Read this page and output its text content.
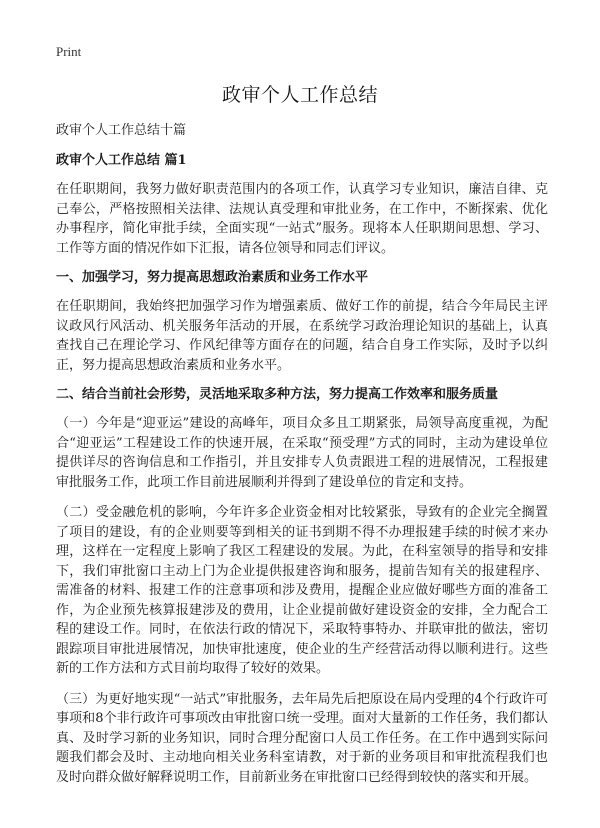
Print
政审个人工作总结

政审个人工作总结十篇

政审个人工作总结 篇1

在任职期间，我努力做好职责范围内的各项工作，认真学习专业知识，廉洁自律、克己奉公，严格按照相关法律、法规认真受理和审批业务，在工作中，不断探索、优化办事程序，简化审批手续，全面实现“一站式”服务。现将本人任职期间思想、学习、工作等方面的情况作如下汇报，请各位领导和同志们评议。

一、加强学习，努力提高思想政治素质和业务工作水平

在任职期间，我始终把加强学习作为增强素质、做好工作的前提，结合今年局民主评议政风行风活动、机关服务年活动的开展，在系统学习政治理论知识的基础上，认真查找自己在理论学习、作风纪律等方面存在的问题，结合自身工作实际，及时予以纠正，努力提高思想政治素质和业务水平。

二、结合当前社会形势，灵活地采取多种方法，努力提高工作效率和服务质量

（一）今年是“迎亚运”建设的高峰年，项目众多且工期紧张，局领导高度重视，为配合“迎亚运”工程建设工作的快速开展，在采取“预受理”方式的同时，主动为建设单位提供详尽的咨询信息和工作指引，并且安排专人负责跟进工程的进展情况，工程报建审批服务工作，此项工作目前进展顺利并得到了建设单位的肯定和支持。

（二）受金融危机的影响，今年许多企业资金相对比较紧张，导致有的企业完全搁置了项目的建设，有的企业则要等到相关的证书到期不得不办理报建手续的时候才来办理，这样在一定程度上影响了我区工程建设的发展。为此，在科室领导的指导和安排下，我们审批窗口主动上门为企业提供报建咨询和服务，提前告知有关的报建程序、需准备的材料、报建工作的注意事项和涉及费用，提醒企业应做好哪些方面的准备工作，为企业预先核算报建涉及的费用，让企业提前做好建设资金的安排，全力配合工程的建设工作。同时，在依法行政的情况下，采取特事特办、并联审批的做法，密切跟踪项目审批进展情况，加快审批速度，使企业的生产经营活动得以顺利进行。这些新的工作方法和方式目前均取得了较好的效果。

（三）为更好地实现“一站式”审批服务，去年局先后把原设在局内受理的4个行政许可事项和8个非行政许可事项改由审批窗口统一受理。面对大量新的工作任务，我们都认真、及时学习新的业务知识，同时合理分配窗口人员工作任务。在工作中遇到实际问题我们都会及时、主动地向相关业务科室请教，对于新的业务项目和审批流程我们也及时向群众做好解释说明工作，目前新业务在审批窗口已经得到较快的落实和开展。
